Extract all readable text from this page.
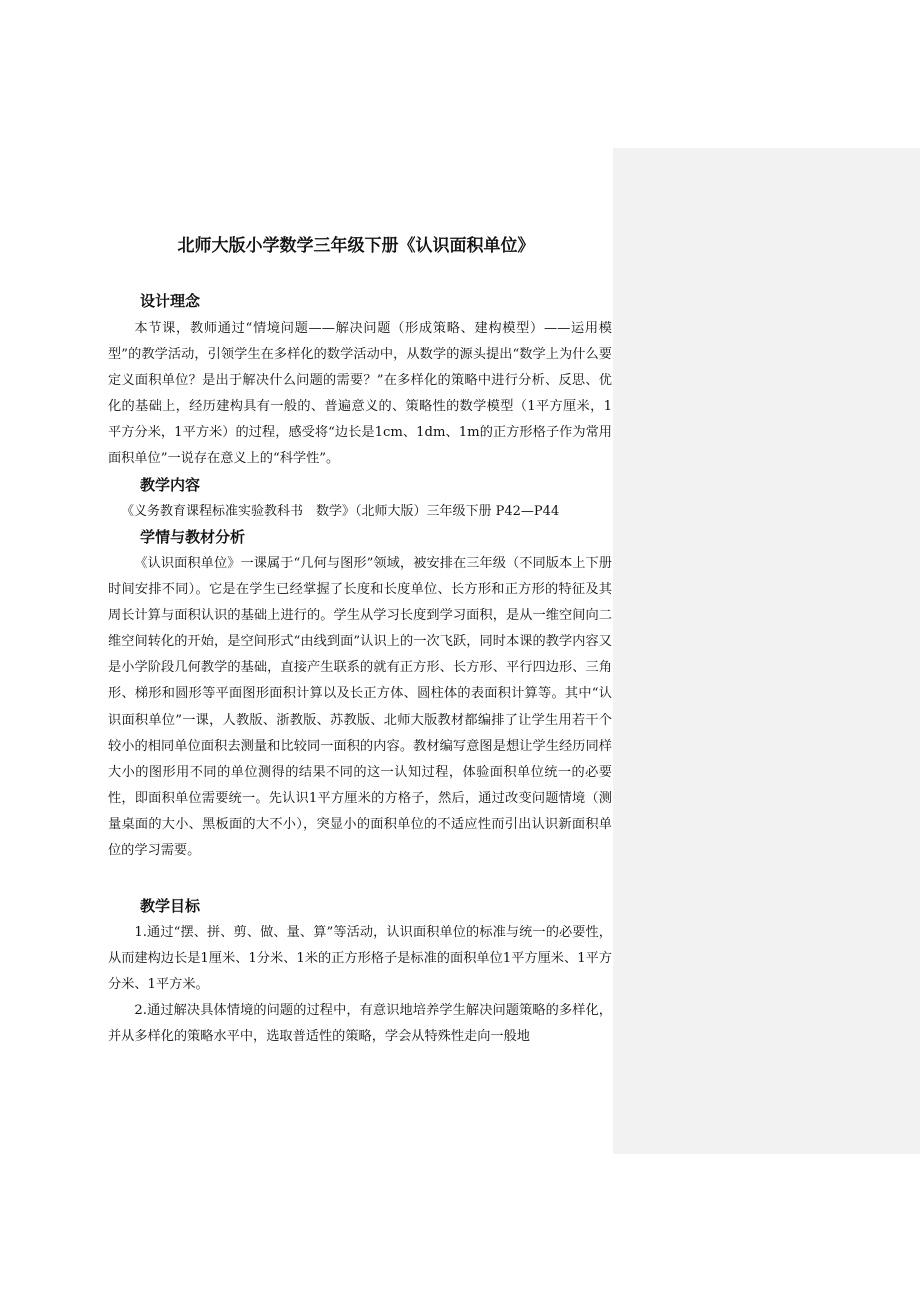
北师大版小学数学三年级下册《认识面积单位》
设计理念

本节课，教师通过“情境问题——解决问题（形成策略、建构模型）——运用模型”的教学活动，引领学生在多样化的数学活动中，从数学的源头提出“数学上为什么要定义面积单位？是出于解决什么问题的需要？”在多样化的策略中进行分析、反思、优化的基础上，经历建构具有一般的、普遍意义的、策略性的数学模型（1平方厘米，1平方分米，1平方米）的过程，感受将“边长是1cm、1dm、1m的正方形格子作为常用面积单位”一说存在意义上的“科学性”。

教学内容
《义务教育课程标准实验教科书　数学》（北师大版）三年级下册 P42—P44
学情与教材分析

《认识面积单位》一课属于“几何与图形”领域，被安排在三年级（不同版本上下册时间安排不同）。它是在学生已经掌握了长度和长度单位、长方形和正方形的特征及其周长计算与面积认识的基础上进行的。学生从学习长度到学习面积，是从一维空间向二维空间转化的开始，是空间形式“由线到面”认识上的一次飞跃，同时本课的教学内容又是小学阶段几何教学的基础，直接产生联系的就有正方形、长方形、平行四边形、三角形、梯形和圆形等平面图形面积计算以及长正方体、圆柱体的表面积计算等。其中“认识面积单位”一课，人教版、浙教版、苏教版、北师大版教材都编排了让学生用若干个较小的相同单位面积去测量和比较同一面积的内容。教材编写意图是想让学生经历同样大小的图形用不同的单位测得的结果不同的这一认知过程，体验面积单位统一的必要性，即面积单位需要统一。先认识1平方厘米的方格子，然后，通过改变问题情境（测量桌面的大小、黑板面的大不小），突显小的面积单位的不适应性而引出认识新面积单位的学习需要。

教学目标

1.通过“摆、拼、剪、做、量、算”等活动，认识面积单位的标准与统一的必要性，从而建构边长是1厘米、1分米、1米的正方形格子是标准的面积单位1平方厘米、1平方分米、1平方米。

2.通过解决具体情境的问题的过程中，有意识地培养学生解决问题策略的多样化，并从多样化的策略水平中，选取普适性的策略，学会从特殊性走向一般地
